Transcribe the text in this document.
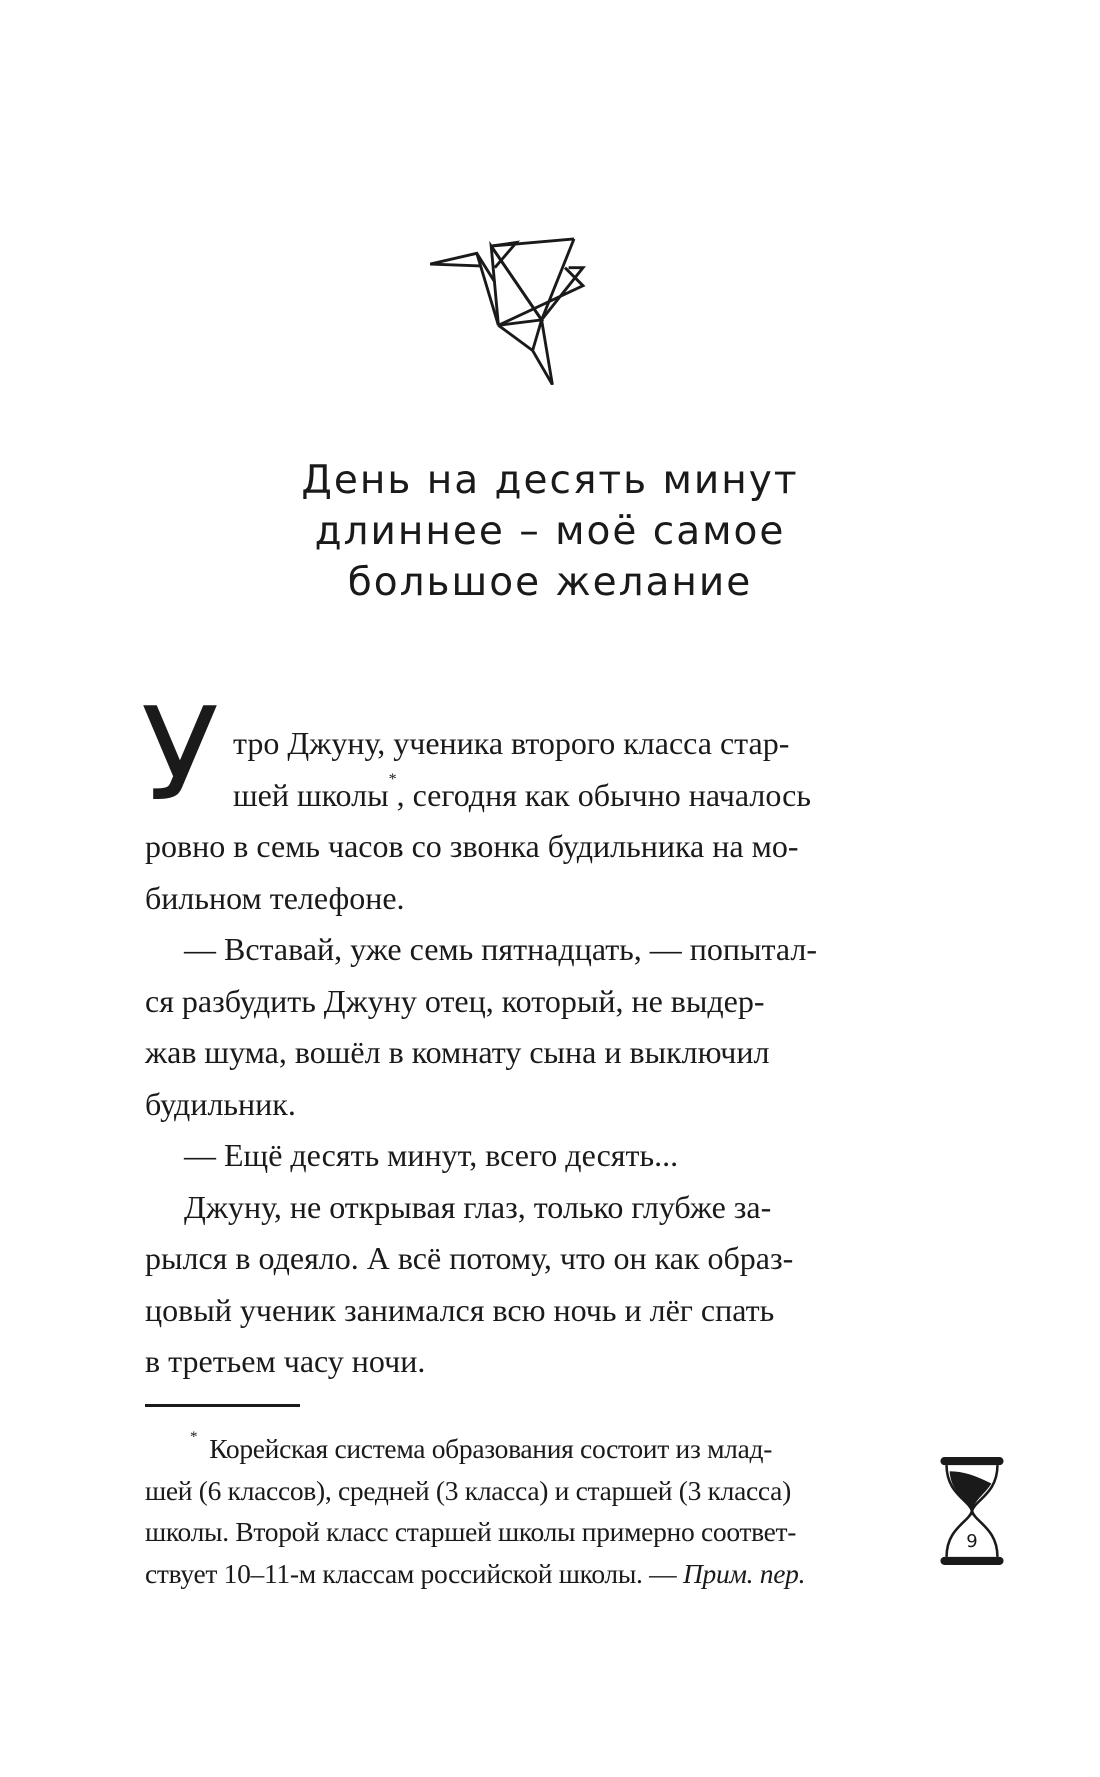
День на десять минут
длиннее – моё самое
большое желание
У тро Джуну, ученика второго класса стар-
шей школы*, сегодня как обычно началось
ровно в семь часов со звонка будильника на мо-
бильном телефоне.
— Вставай, уже семь пятнадцать, — попытал-
ся разбудить Джуну отец, который, не выдер-
жав шума, вошёл в комнату сына и выключил
будильник.
— Ещё десять минут, всего десять...
Джуну, не открывая глаз, только глубже за-
рылся в одеяло. А всё потому, что он как образ-
цовый ученик занимался всю ночь и лёг спать
в третьем часу ночи.
* Корейская система образования состоит из млад-
шей (6 классов), средней (3 класса) и старшей (3 класса)
школы. Второй класс старшей школы примерно соответ-
ствует 10–11-м классам российской школы. — Прим. пер.
9
